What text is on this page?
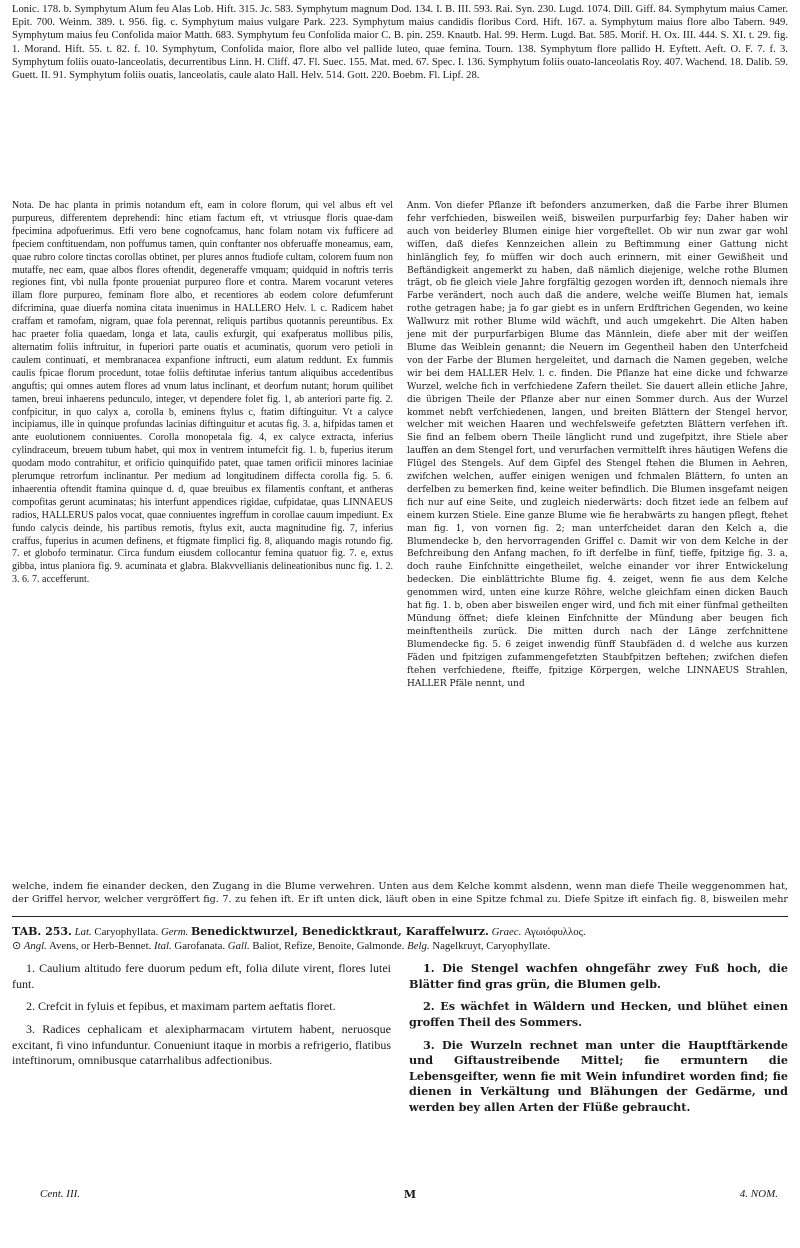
Lonic. 178. b. Symphytum Alum feu Alas Lob. Hift. 315. Jc. 583. Symphytum magnum Dod. 134. I. B. III. 593. Rai. Syn. 230. Lugd. 1074. Dill. Giff. 84. Symphytum maius Camer. Epit. 700. Weinm. 389. t. 956. fig. c. Symphytum maius vulgare Park. 223. Symphytum maius candidis floribus Cord. Hift. 167. a. Symphytum maius flore albo Tabern. 949. Symphytum maius feu Confolida maior Matth. 683. Symphytum feu Confolida maior C. B. pin. 259. Knautb. Hal. 99. Herm. Lugd. Bat. 585. Morif. H. Ox. III. 444. S. XI. t. 29. fig. 1. Morand. Hift. 55. t. 82. f. 10. Symphytum, Confolida maior, flore albo vel pallide luteo, quae femina. Tourn. 138. Symphytum flore pallido H. Eyftett. Aeft. O. F. 7. f. 3. Symphytum foliis ouato-lanceolatis, decurrentibus Linn. H. Cliff. 47. Fl. Suec. 155. Mat. med. 67. Spec. I. 136. Symphytum foliis ouato-lanceolatis Roy. 407. Wachend. 18. Dalib. 59. Guett. II. 91. Symphytum foliis ouatis, lanceolatis, caule alato Hall. Helv. 514. Gott. 220. Boebm. Fl. Lipf. 28.

Nota. De hac planta in primis notandum eft, eam in colore florum, qui vel albus eft vel purpureus, differentem deprehendi: hinc etiam factum eft, vt vtriusque floris quae-dam fpecimina adpofuerimus. Etfi vero bene cognofcamus, hanc folam notam vix fufficere ad fpeciem conftituendam, non poffumus tamen, quin conftanter nos obferuaffe moneamus, eam, quae rubro colore tinctas corollas obtinet, per plures annos ftudiofe cultam, colorem fuum non mutaffe, nec eam, quae albos flores oftendit, degeneraffe vmquam; quidquid in noftris terris regiones fint, vbi nulla fponte proueniat purpureo flore et contra. Marem vocarunt veteres illam flore purpureo, feminam flore albo, et recentiores ab eodem colore defumferunt difcrimina, quae diuerfa nomina citata inuenimus in HALLERO Helv. l. c. Radicem habet craffam et ramofam, nigram, quae fola perennat, reliquis partibus quotannis pereuntibus. Ex hac praeter folia quaedam, longa et lata, caulis exfurgit, qui exafperatus mollibus pilis, alternatim foliis inftruitur, in fuperiori parte ouatis et acuminatis, quorum vero petioli in caulem continuati, et membranacea expanfione inftructi, eum alatum reddunt. Ex fummis caulis fpicae florum procedunt, totae foliis deftitutae inferius tantum aliquibus accedentibus anguftis; qui omnes autem flores ad vnum latus inclinant, et deorfum nutant; horum quilibet tamen, breui inhaerens pedunculo, integer, vt dependere folet fig. 1, ab anteriori parte fig. 2. confpicitur, in quo calyx a, corolla b, eminens ftylus c, ftatim diftinguitur. Vt a calyce incipiamus, ille in quinque profundas lacinias diftinguitur et acutas fig. 3. a, hifpidas tamen et ante euolutionem conniuentes. Corolla monopetala fig. 4, ex calyce extracta, inferius cylindraceum, breuem tubum habet, qui mox in ventrem intumefcit fig. 1. b, fuperius iterum quodam modo contrahitur, et orificio quinquifido patet, quae tamen orificii minores laciniae plerumque retrorfum inclinantur. Per medium ad longitudinem diffecta corolla fig. 5. 6. inhaerentia oftendit ftamina quinque d. d, quae breuibus ex filamentis conftant, et antheras compofitas gerunt acuminatas; his interfunt appendices rigidae, cufpidatae, quas LINNAEUS radios, HALLERUS palos vocat, quae conniuentes ingreffum in corollae cauum impediunt. Ex fundo calycis deinde, his partibus remotis, ftylus exit, aucta magnitudine fig. 7, inferius craffus, fuperius in acumen definens, et ftigmate fimplici fig. 8, aliquando magis rotundo fig. 7. et globofo terminatur. Circa fundum eiusdem collocantur femina quatuor fig. 7. e, extus gibba, intus planiora fig. 9. acuminata et glabra. Blakvvellianis delineationibus nunc fig. 1. 2. 3. 6. 7. accefferunt.

Anm. Von diefer Pflanze ift befonders anzumerken, daß die Farbe ihrer Blumen fehr verfchieden, bisweilen weiß, bisweilen purpurfarbig fey; Daher haben wir auch von beiderley Blumen einige hier vorgeftellet. Ob wir nun zwar gar wohl wiſſen, daß diefes Kennzeichen allein zu Beftimmung einer Gattung nicht hinlänglich fey, fo müffen wir doch auch erinnern, mit einer Gewißheit und Beftändigkeit angemerkt zu haben, daß nämlich diejenige, welche rothe Blumen trägt, ob fie gleich viele Jahre forgfältig gezogen worden ift, dennoch niemals ihre Farbe verändert, noch auch daß die andere, welche weiſſe Blumen hat, iemals rothe getragen habe; ja fo gar giebt es in unfern Erdftrichen Gegenden, wo keine Wallwurz mit rother Blume wild wächft, und auch umgekehrt. Die Alten haben jene mit der purpurfarbigen Blume das Männlein, diefe aber mit der weiſſen Blume das Weiblein genannt; die Neuern im Gegentheil haben den Unterfcheid von der Farbe der Blumen hergeleitet, und darnach die Namen gegeben, welche wir bei dem HALLER Helv. l. c. finden. Die Pflanze hat eine dicke und fchwarze Wurzel, welche fich in verfchiedene Zafern theilet. Sie dauert allein etliche Jahre, die übrigen Theile der Pflanze aber nur einen Sommer durch. Aus der Wurzel kommet nebft verfchiedenen, langen, und breiten Blättern der Stengel hervor, welcher mit weichen Haaren und wechfelsweife gefetzten Blättern verfehen ift. Sie find an felbem obern Theile länglicht rund und zugefpitzt, ihre Stiele aber lauffen an dem Stengel fort, und verurfachen vermittelft ihres häutigen Wefens die Flügel des Stengels. Auf dem Gipfel des Stengel ftehen die Blumen in Aehren, zwifchen welchen, auffer einigen wenigen und fchmalen Blättern, fo unten an derfelben zu bemerken find, keine weiter befindlich. Die Blumen insgefamt neigen fich nur auf eine Seite, und zugleich niederwärts: doch fitzet iede an felbem auf einem kurzen Stiele. Eine ganze Blume wie fie herabwärts zu hangen pflegt, ftehet man fig. 1, von vornen fig. 2; man unterfcheidet daran den Kelch a, die Blumendecke b, den hervorragenden Griffel c. Damit wir von dem Kelche in der Befchreibung den Anfang machen, fo ift derfelbe in fünf, tieffe, fpitzige fig. 3. a, doch rauhe Einfchnitte eingetheilet, welche einander vor ihrer Entwickelung bedecken. Die einblättrichte Blume fig. 4. zeiget, wenn fie aus dem Kelche genommen wird, unten eine kurze Röhre, welche gleichfam einen dicken Bauch hat fig. 1. b, oben aber bisweilen enger wird, und fich mit einer fünfmal getheilten Mündung öffnet; diefe kleinen Einfchnitte der Mündung aber beugen fich meinftentheils zurück. Die mitten durch nach der Länge zerfchnittene Blumendecke fig. 5. 6 zeiget inwendig fünff Staubfäden d. d welche aus kurzen Fäden und fpitzigen zufammengefetzten Staubfpitzen beftehen; zwifchen diefen ftehen verfchiedene, fteiffe, fpitzige Körpergen, welche LINNAEUS Strahlen, HALLER Pfäle nennt, und

welche, indem fie einander decken, den Zugang in die Blume verwehren. Unten aus dem Kelche kommt alsdenn, wenn man diefe Theile weggenommen hat, der Griffel hervor, welcher vergröffert fig. 7. zu fehen ift. Er ift unten dick, läuft oben in eine Spitze fchmal zu. Diefe Spitze ift einfach fig. 8, bisweilen mehr

TAB. 253. Lat. Caryophyllata. Germ. Benedicktwurzel, Benedicktkraut, Karaffelwurz. Graec. Αγωιόφυλλος.
⊙ Angl. Avens, or Herb-Bennet. Ital. Garofanata. Gall. Baliot, Refize, Benoite, Galmonde. Belg. Nagelkruyt, Caryophyllate.
1. Caulium altitudo fere duorum pedum eft, folia dilute virent, flores lutei funt.
2. Crefcit in fyluis et fepibus, et maximam partem aeftatis floret.
3. Radices cephalicam et alexipharmacam virtutem habent, neruosque excitant, fi vino infunduntur. Conueniunt itaque in morbis a refrigerio, flatibus inteftinorum, omnibusque catarrhalibus adfectionibus.
1. Die Stengel wachfen ohngefähr zwey Fuß hoch, die Blätter find gras grün, die Blumen gelb.
2. Es wächfet in Wäldern und Hecken, und blühet einen groffen Theil des Sommers.
3. Die Wurzeln rechnet man unter die Hauptftärkende und Giftaustreibende Mittel; fie ermuntern die Lebensgeifter, wenn fie mit Wein infundiret worden find; fie dienen in Verkältung und Blähungen der Gedärme, und werden bey allen Arten der Flüße gebraucht.
Cent. III.	M	4. NOM.
